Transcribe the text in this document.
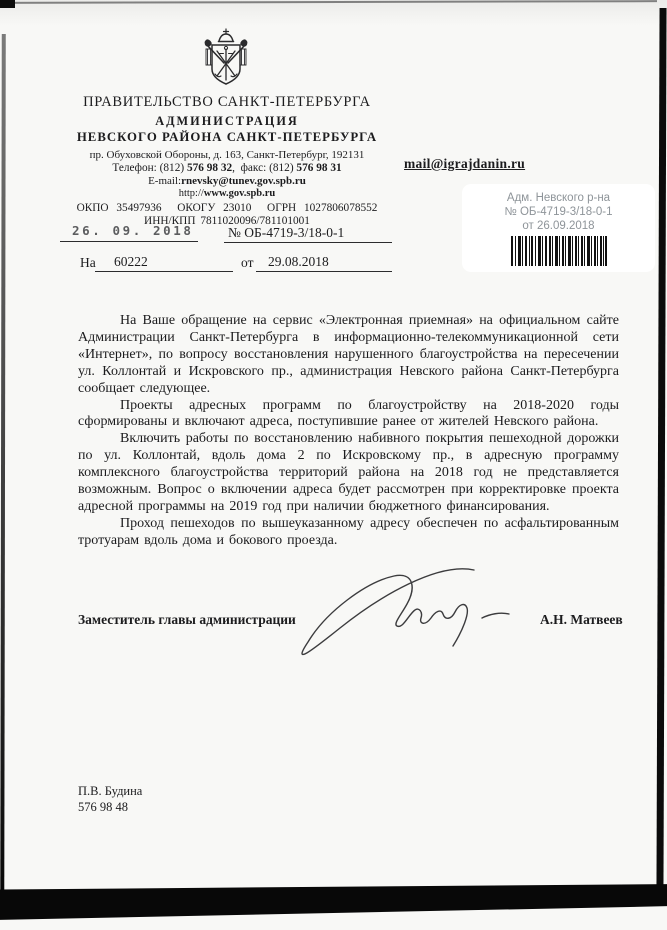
ПРАВИТЕЛЬСТВО САНКТ-ПЕТЕРБУРГА
АДМИНИСТРАЦИЯ
НЕВСКОГО РАЙОНА САНКТ-ПЕТЕРБУРГА
пр. Обуховской Обороны, д. 163, Санкт-Петербург, 192131
Телефон: (812) 576 98 32,  факс: (812) 576 98 31
E-mail:rnevsky@tunev.gov.spb.ru
http://www.gov.spb.ru
ОКПО 35497936  ОКОГУ 23010  ОГРН 1027806078552
ИНН/КПП 7811020096/781101001
26. 09. 2018	№ ОБ-4719-3/18-0-1
На 60222	от 29.08.2018
mail@igrajdanin.ru
Адм. Невского р-на
№ ОБ-4719-3/18-0-1
от 26.09.2018

На Ваше обращение на сервис «Электронная приемная» на официальном сайте Администрации Санкт-Петербурга в информационно-телекоммуникационной сети «Интернет», по вопросу восстановления нарушенного благоустройства на пересечении ул. Коллонтай и Искровского пр., администрация Невского района Санкт-Петербурга сообщает следующее.

Проекты адресных программ по благоустройству на 2018-2020 годы сформированы и включают адреса, поступившие ранее от жителей Невского района.

Включить работы по восстановлению набивного покрытия пешеходной дорожки по ул. Коллонтай, вдоль дома 2 по Искровскому пр., в адресную программу комплексного благоустройства территорий района на 2018 год не представляется возможным. Вопрос о включении адреса будет рассмотрен при корректировке проекта адресной программы на 2019 год при наличии бюджетного финансирования.

Проход пешеходов по вышеуказанному адресу обеспечен по асфальтированным тротуарам вдоль дома и бокового проезда.

Заместитель главы администрации	А.Н. Матвеев
П.В. Будина
576 98 48
